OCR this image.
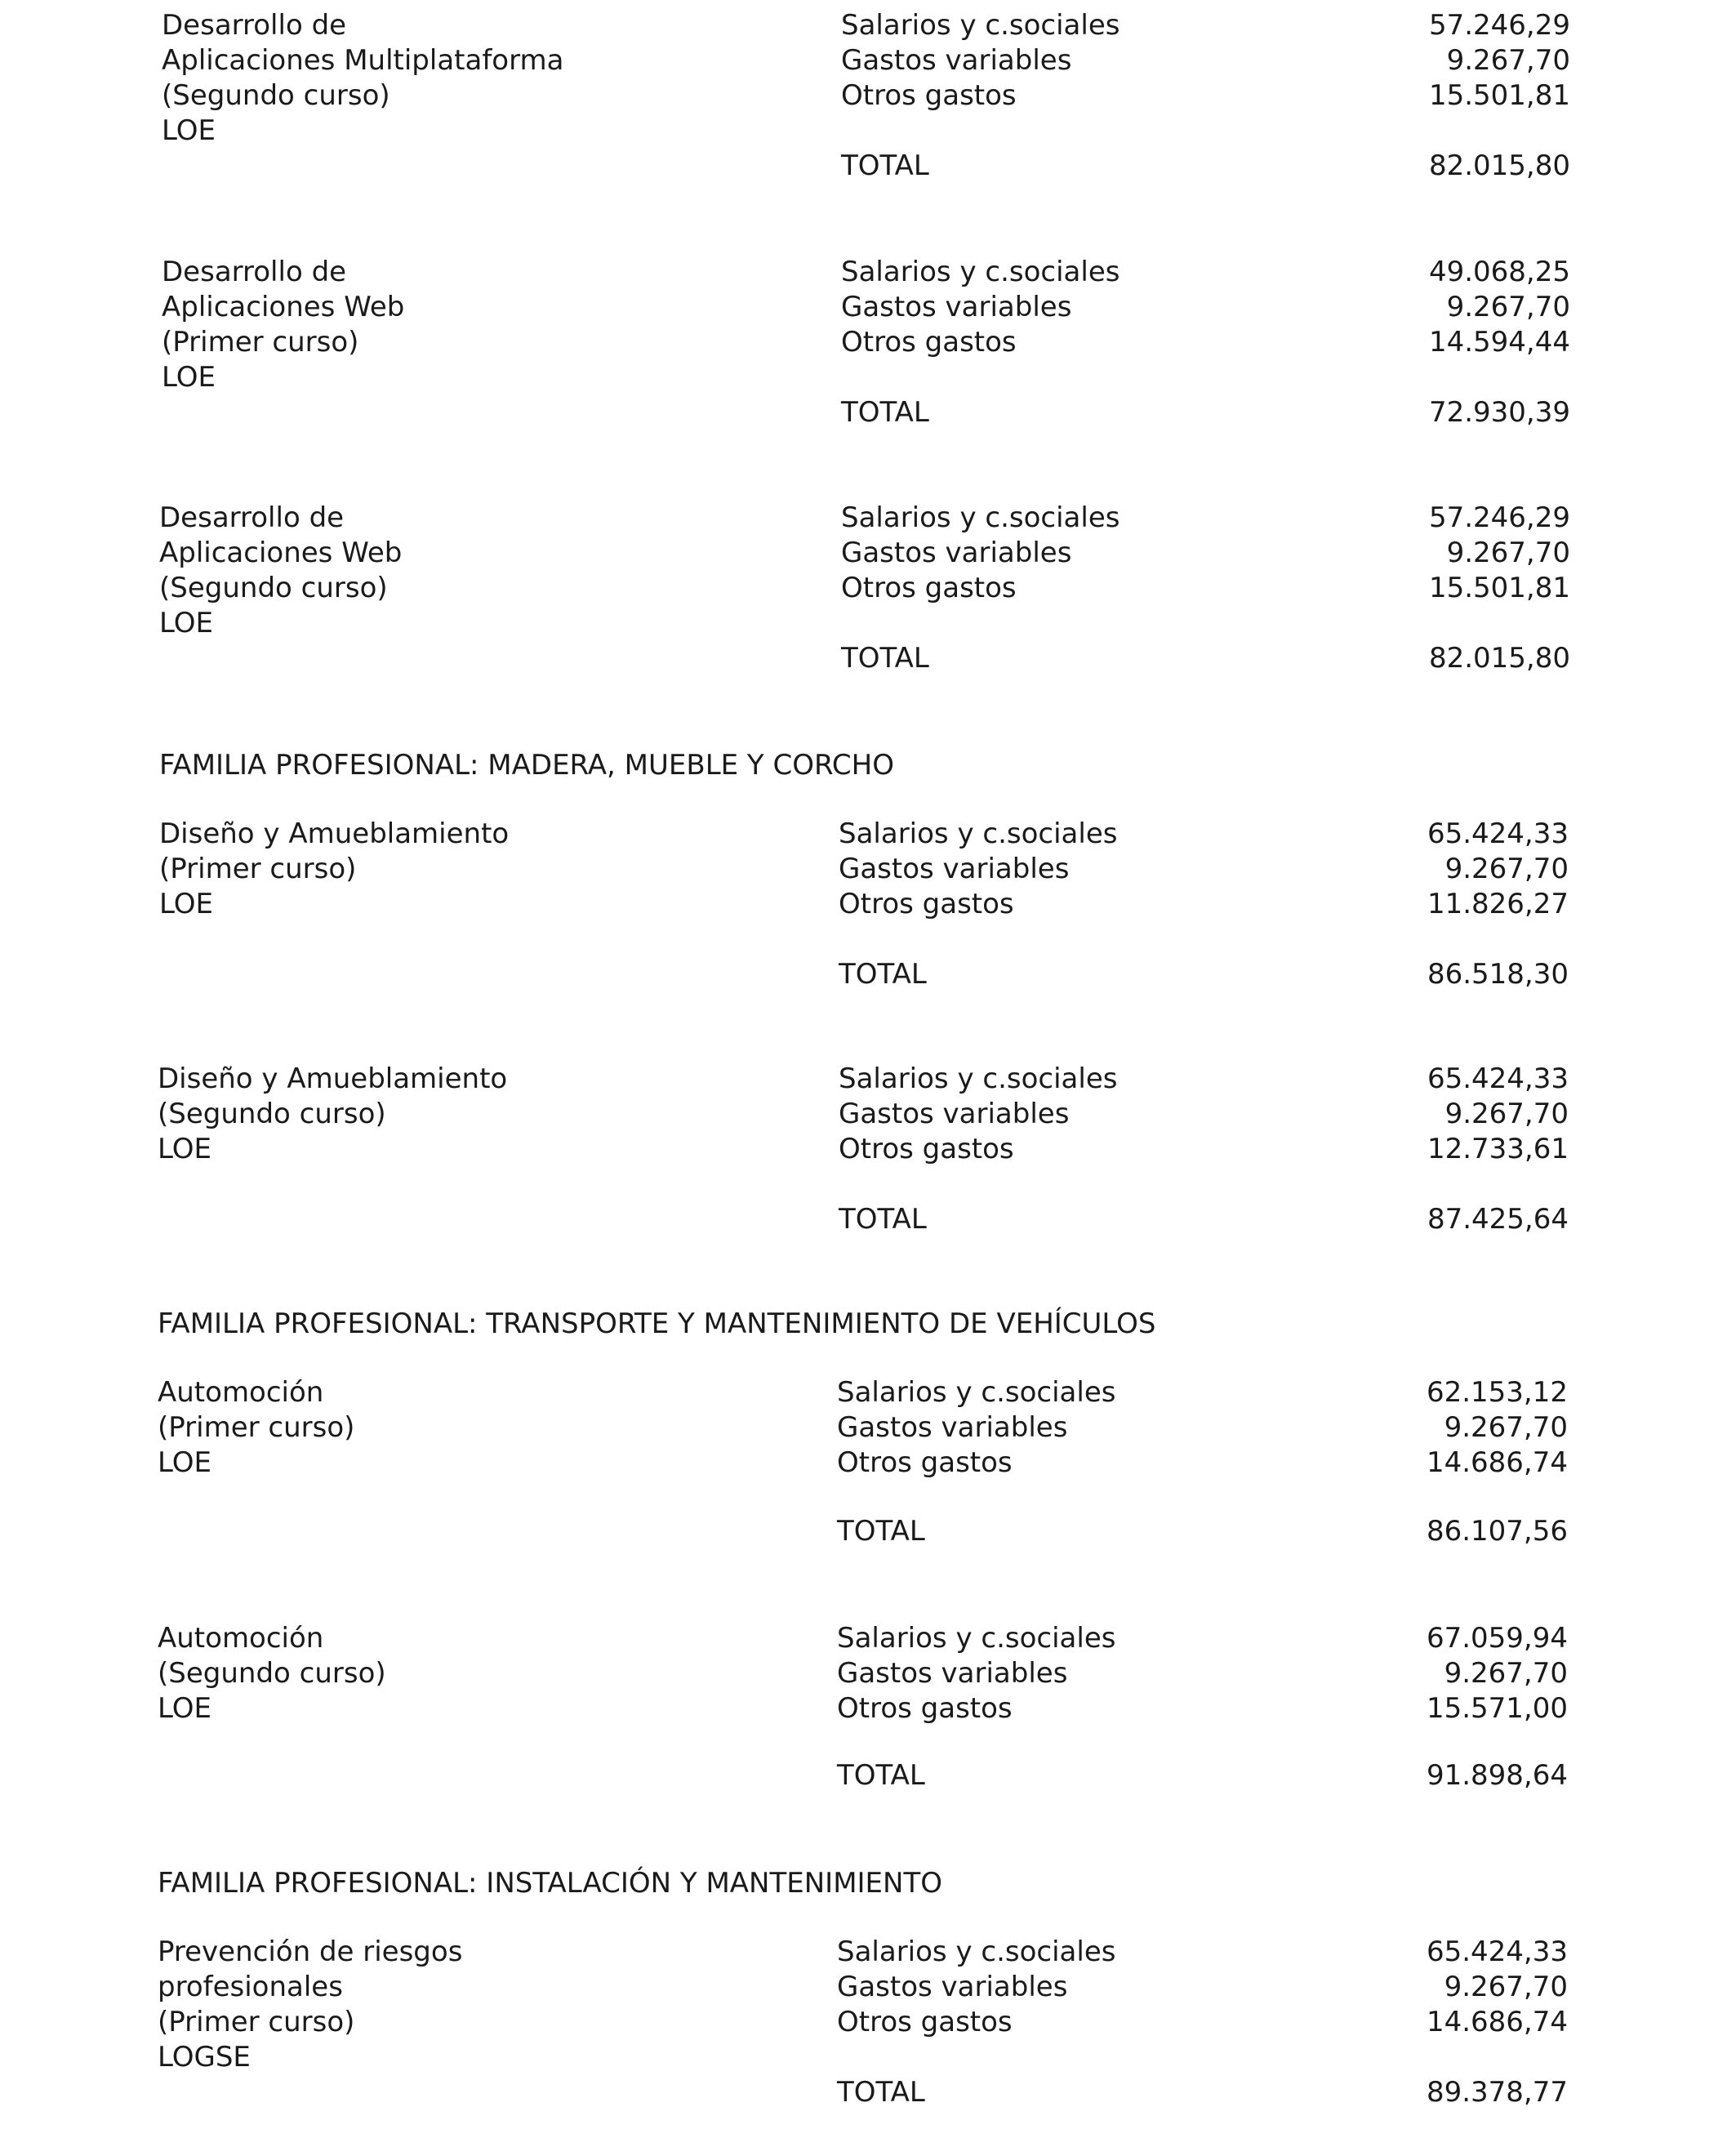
Desarrollo de
Aplicaciones Multiplataforma
(Segundo curso)
LOE
Salarios y c.sociales	57.246,29
Gastos variables	9.267,70
Otros gastos	15.501,81
TOTAL	82.015,80
Desarrollo de
Aplicaciones Web
(Primer curso)
LOE
Salarios y c.sociales	49.068,25
Gastos variables	9.267,70
Otros gastos	14.594,44
TOTAL	72.930,39
Desarrollo de
Aplicaciones Web
(Segundo curso)
LOE
Salarios y c.sociales	57.246,29
Gastos variables	9.267,70
Otros gastos	15.501,81
TOTAL	82.015,80
FAMILIA PROFESIONAL: MADERA, MUEBLE Y CORCHO
Diseño y Amueblamiento
(Primer curso)
LOE
Salarios y c.sociales	65.424,33
Gastos variables	9.267,70
Otros gastos	11.826,27
TOTAL	86.518,30
Diseño y Amueblamiento
(Segundo curso)
LOE
Salarios y c.sociales	65.424,33
Gastos variables	9.267,70
Otros gastos	12.733,61
TOTAL	87.425,64
FAMILIA PROFESIONAL: TRANSPORTE Y MANTENIMIENTO DE VEHÍCULOS
Automoción
(Primer curso)
LOE
Salarios y c.sociales	62.153,12
Gastos variables	9.267,70
Otros gastos	14.686,74
TOTAL	86.107,56
Automoción
(Segundo curso)
LOE
Salarios y c.sociales	67.059,94
Gastos variables	9.267,70
Otros gastos	15.571,00
TOTAL	91.898,64
FAMILIA PROFESIONAL: INSTALACIÓN Y MANTENIMIENTO
Prevención de riesgos
profesionales
(Primer curso)
LOGSE
Salarios y c.sociales	65.424,33
Gastos variables	9.267,70
Otros gastos	14.686,74
TOTAL	89.378,77
